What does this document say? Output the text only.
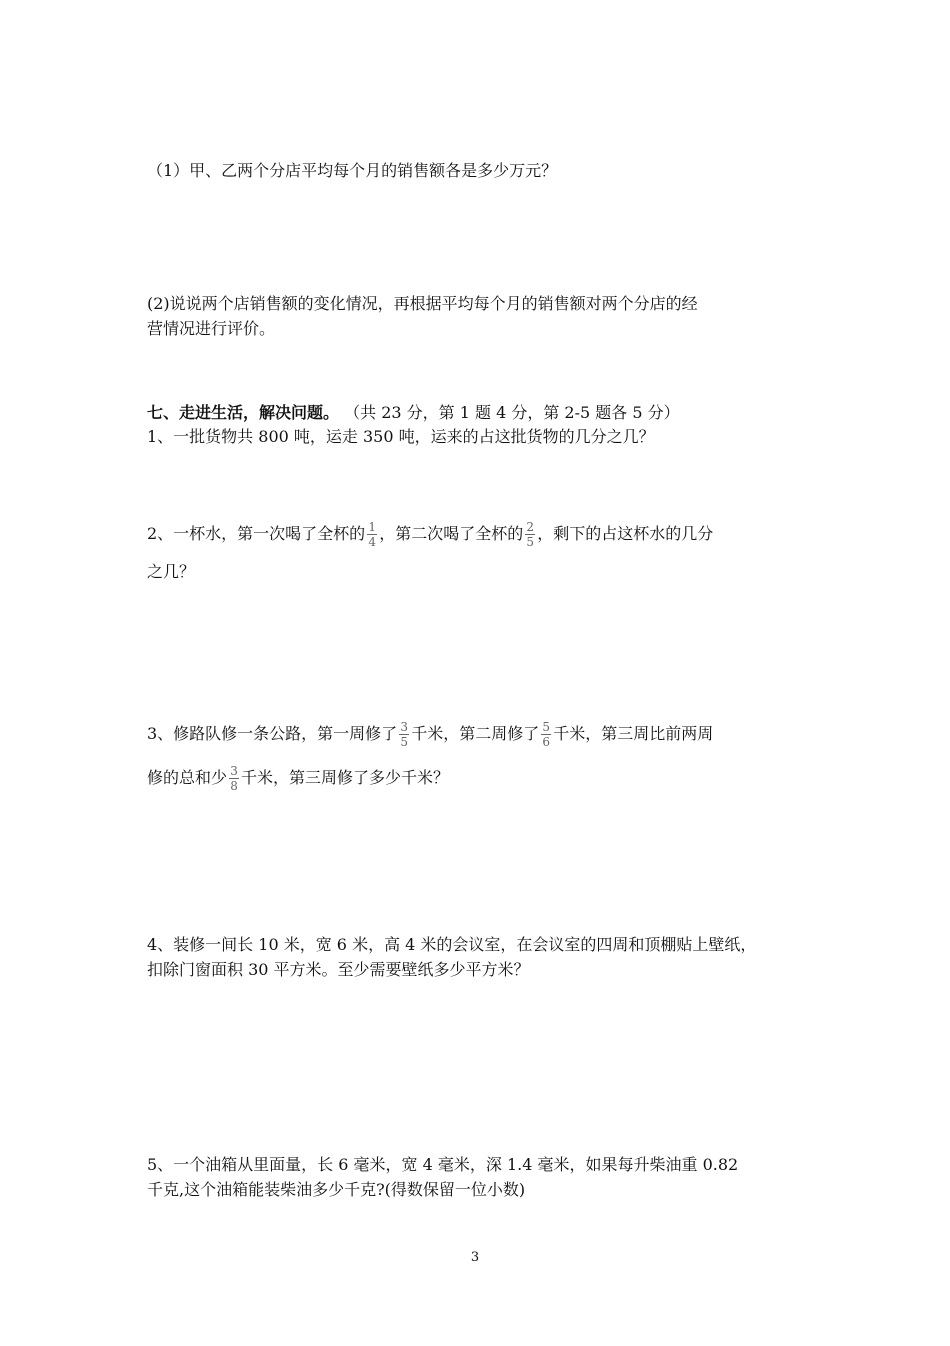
（1）甲、乙两个分店平均每个月的销售额各是多少万元？
(2)说说两个店销售额的变化情况，再根据平均每个月的销售额对两个分店的经
营情况进行评价。
七、走进生活，解决问题。 （共 23 分，第 1 题 4 分，第 2-5 题各 5 分）
1、一批货物共 800 吨，运走 350 吨，运来的占这批货物的几分之几？
2、一杯水，第一次喝了全杯的 $\frac{1}{4}$ ，第二次喝了全杯的 $\frac{2}{5}$ ，剩下的占这杯水的几分
之几？
3、修路队修一条公路，第一周修了 $\frac{3}{5}$ 千米，第二周修了 $\frac{5}{6}$ 千米，第三周比前两周
修的总和少 $\frac{3}{8}$ 千米，第三周修了多少千米？
4、装修一间长 10 米，宽 6 米，高 4 米的会议室，在会议室的四周和顶棚贴上壁纸，
扣除门窗面积 30 平方米。至少需要壁纸多少平方米？
5、一个油箱从里面量，长 6 毫米，宽 4 毫米，深 1.4 毫米，如果每升柴油重 0.82
千克,这个油箱能装柴油多少千克?(得数保留一位小数)
3
